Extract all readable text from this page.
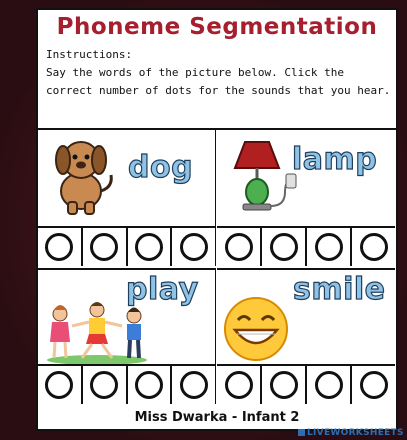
Phoneme Segmentation
Instructions:
Say the words of the picture below. Click the correct number of dots for the sounds that you hear.
dog	lamp
play	smile
Miss Dwarka - Infant 2
LIVEWORKSHEETS
